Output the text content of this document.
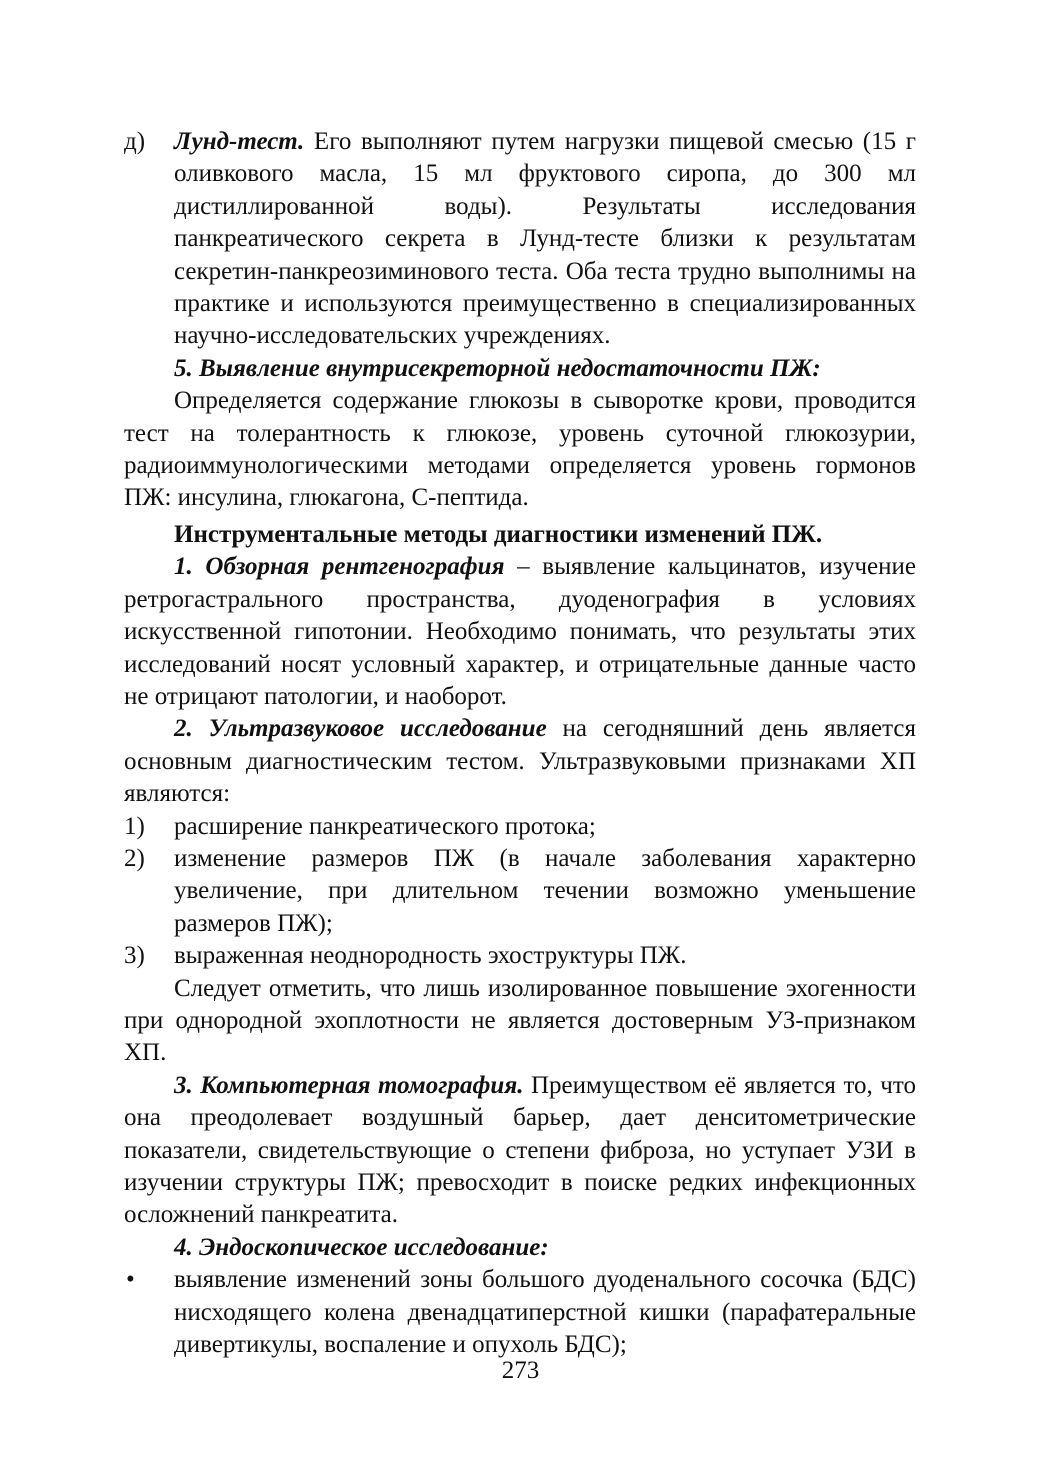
д) Лунд-тест. Его выполняют путем нагрузки пищевой смесью (15 г оливкового масла, 15 мл фруктового сиропа, до 300 мл дистиллированной воды). Результаты исследования панкреатического секрета в Лунд-тесте близки к результатам секретин-панкреозиминового теста. Оба теста трудно выполнимы на практике и используются преимущественно в специализированных научно-исследовательских учреждениях.

5. Выявление внутрисекреторной недостаточности ПЖ:

Определяется содержание глюкозы в сыворотке крови, проводится тест на толерантность к глюкозе, уровень суточной глюкозурии, радиоиммунологическими методами определяется уровень гормонов ПЖ: инсулина, глюкагона, С-пептида.

Инструментальные методы диагностики изменений ПЖ.

1. Обзорная рентгенография – выявление кальцинатов, изучение ретрогастрального пространства, дуоденография в условиях искусственной гипотонии. Необходимо понимать, что результаты этих исследований носят условный характер, и отрицательные данные часто не отрицают патологии, и наоборот.

2. Ультразвуковое исследование на сегодняшний день является основным диагностическим тестом. Ультразвуковыми признаками ХП являются:

1) расширение панкреатического протока;
2) изменение размеров ПЖ (в начале заболевания характерно увеличение, при длительном течении возможно уменьшение размеров ПЖ);
3) выраженная неоднородность эхоструктуры ПЖ.

Следует отметить, что лишь изолированное повышение эхогенности при однородной эхоплотности не является достоверным УЗ-признаком ХП.

3. Компьютерная томография. Преимуществом её является то, что она преодолевает воздушный барьер, дает денситометрические показатели, свидетельствующие о степени фиброза, но уступает УЗИ в изучении структуры ПЖ; превосходит в поиске редких инфекционных осложнений панкреатита.

4. Эндоскопическое исследование:

• выявление изменений зоны большого дуоденального сосочка (БДС) нисходящего колена двенадцатиперстной кишки (парафатеральные дивертикулы, воспаление и опухоль БДС);
273
